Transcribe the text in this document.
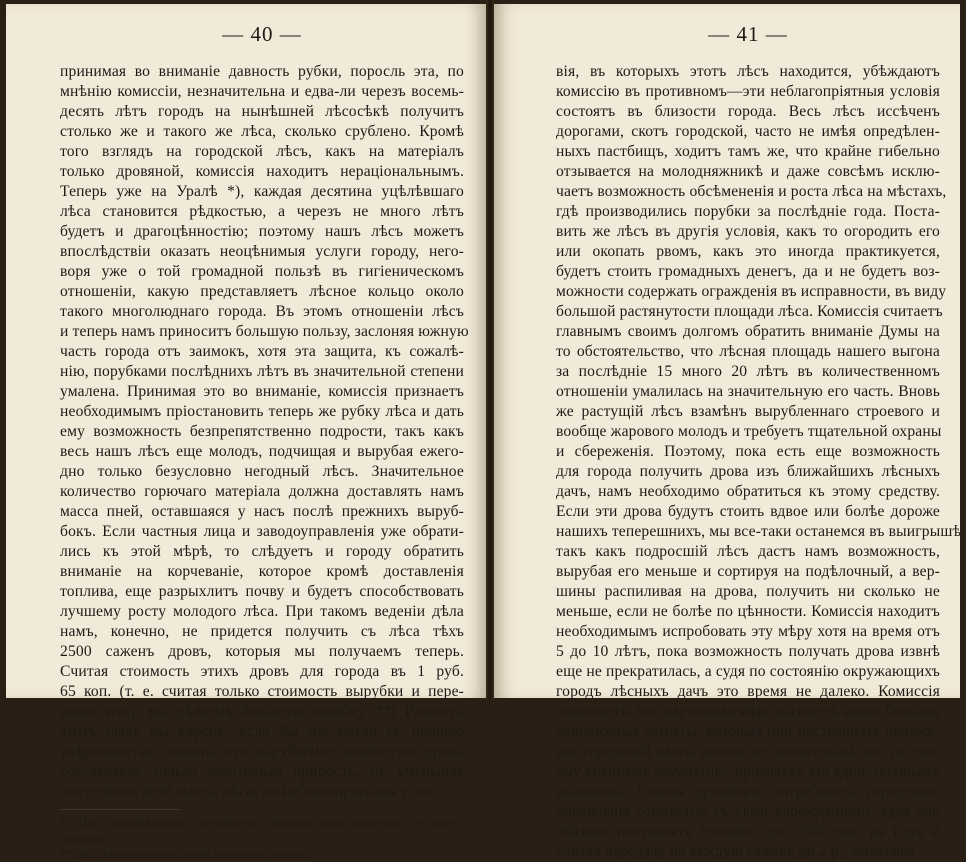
— 40 —
принимая во вниманіе давность рубки, поросль эта, по
мнѣнію комиссіи, незначительна и едва-ли черезъ восемь-
десять лѣтъ городъ на нынѣшней лѣсосѣкѣ получитъ
столько же и такого же лѣса, сколько срублено. Кромѣ
того взглядъ на городской лѣсъ, какъ на матеріалъ
только дровяной, комиссія находитъ нераціональнымъ.
Теперь уже на Уралѣ *), каждая десятина уцѣлѣвшаго
лѣса становится рѣдкостью, а черезъ не много лѣтъ
будетъ и драгоцѣнностію; поэтому нашъ лѣсъ можетъ
впослѣдствіи оказать неоцѣнимыя услуги городу, него-
воря уже о той громадной пользѣ въ гигіеническомъ
отношеніи, какую представляетъ лѣсное кольцо около
такого многолюднаго города. Въ этомъ отношеніи лѣсъ
и теперь намъ приноситъ большую пользу, заслоняя южную
часть города отъ заимокъ, хотя эта защита, къ сожалѣ-
нію, порубками послѣднихъ лѣтъ въ значительной степени
умалена. Принимая это во вниманіе, комиссія признаетъ
необходимымъ пріостановить теперь же рубку лѣса и дать
ему возможность безпрепятственно подрости, такъ какъ
весь нашъ лѣсъ еще молодъ, подчищая и вырубая ежего-
дно только безусловно негодный лѣсъ. Значительное
количество горючаго матеріала должна доставлять намъ
масса пней, оставшаяся у насъ послѣ прежнихъ выруб-
бокъ. Если частныя лица и заводоуправленія уже обрати-
лись къ этой мѣрѣ, то слѣдуетъ и городу обратить
вниманіе на корчеваніе, которое кромѣ доставленія
топлива, еще разрыхлитъ почву и будетъ способствовать
лучшему росту молодого лѣса. При такомъ веденіи дѣла
намъ, конечно, не придется получить съ лѣса тѣхъ
2500 саженъ дровъ, которыя мы получаемъ теперь.
Считая стоимость этихъ дровъ для города въ 1 руб.
65 коп. (т. е. считая только стоимость вырубки и пере-
возки ихъ), мы дѣлаемъ большую ошибку. **) Разсчетъ
этотъ былъ бы вѣренъ, если бы мы могли съ полною
увѣренностью сказать, что вырубаемое количество дровъ
составляетъ только ежегодный прирость, не уменьшая
постепенно всей массы лѣса; но неблагопріятныя усло-
*) При повсемѣстномъ истребленіи лѣсныхъ дачъ казенныхъ и посес-
сіонныхъ.
**) Въ дѣйствительности онѣ обходятся дороже.
— 41 —
вія, въ которыхъ этотъ лѣсъ находится, убѣждаютъ
комиссію въ противномъ—эти неблагопріятныя условія
состоятъ въ близости города. Весь лѣсъ иссѣченъ
дорогами, скотъ городской, часто не имѣя опредѣлен-
ныхъ пастбищъ, ходитъ тамъ же, что крайне гибельно
отзывается на молодняжникѣ и даже совсѣмъ исклю-
чаетъ возможность обсѣмененія и роста лѣса на мѣстахъ,
гдѣ производились порубки за послѣдніе года. Поста-
вить же лѣсъ въ другія условія, какъ то огородить его
или окопать рвомъ, какъ это иногда практикуется,
будетъ стоить громадныхъ денегъ, да и не будетъ воз-
можности содержать огражденія въ исправности, въ виду
большой растянутости площади лѣса. Комиссія считаетъ
главнымъ своимъ долгомъ обратить вниманіе Думы на
то обстоятельство, что лѣсная площадь нашего выгона
за послѣдніе 15 много 20 лѣтъ въ количественномъ
отношеніи умалилась на значительную его часть. Вновь
же растущій лѣсъ взамѣнъ вырубленнаго строевого и
вообще жарового молодъ и требуетъ тщательной охраны
и сбереженія. Поэтому, пока есть еще возможность
для города получить дрова изъ ближайшихъ лѣсныхъ
дачъ, намъ необходимо обратиться къ этому средству.
Если эти дрова будутъ стоить вдвое или болѣе дороже
нашихъ теперешнихъ, мы все-таки останемся въ выигрышѣ,
такъ какъ подросшій лѣсъ дастъ намъ возможность,
вырубая его меньше и сортируя на подѣлочный, а вер-
шины распиливая на дрова, получить ни сколько не
меньше, если не болѣе по цѣнности. Комиссія находитъ
необходимымъ испробовать эту мѣру хотя на время отъ
5 до 10 лѣтъ, пока возможность получать дрова извнѣ
еще не прекратилась, а судя по состоянію окружающихъ
городъ лѣсныхъ дачъ это время не далеко. Комиссія
понимаетъ, что настоящая мѣра вызоветъ вдвое большія
финансовыя затраты, которыя при настоящемъ положе-
ніи городской кассы далеко не желательны, но, по сво-
ему крайнему разумѣнію, признаетъ это единственнымъ
выходомъ. Считая дровяную потребность городскаго
управленія совмѣстно съ тѣми учрежденіями, куда оно
обязано поставлять топливо, до 2500 саж. въ годъ и
считая передачу на каждую сажень до 2 р., заготовка
